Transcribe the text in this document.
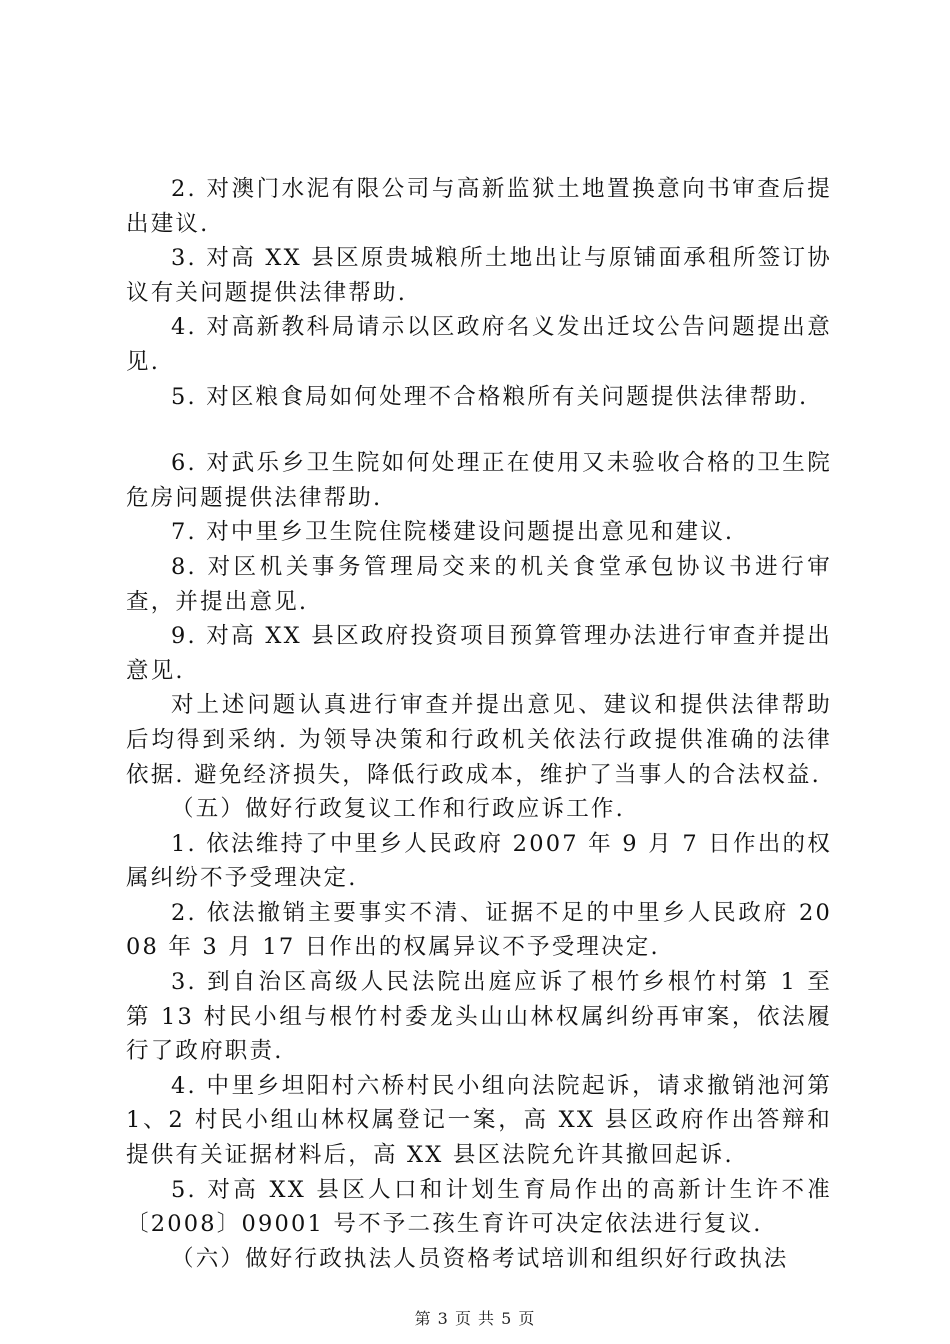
2. 对澳门水泥有限公司与高新监狱土地置换意向书审查后提出建议.

3. 对高 XX 县区原贵城粮所土地出让与原铺面承租所签订协议有关问题提供法律帮助.

4. 对高新教科局请示以区政府名义发出迁坟公告问题提出意见.

5. 对区粮食局如何处理不合格粮所有关问题提供法律帮助.

6. 对武乐乡卫生院如何处理正在使用又未验收合格的卫生院危房问题提供法律帮助.

7. 对中里乡卫生院住院楼建设问题提出意见和建议.

8. 对区机关事务管理局交来的机关食堂承包协议书进行审查，并提出意见.

9. 对高 XX 县区政府投资项目预算管理办法进行审查并提出意见.

对上述问题认真进行审查并提出意见、建议和提供法律帮助后均得到采纳. 为领导决策和行政机关依法行政提供准确的法律依据. 避免经济损失，降低行政成本，维护了当事人的合法权益.

（五）做好行政复议工作和行政应诉工作.

1. 依法维持了中里乡人民政府 2007 年 9 月 7 日作出的权属纠纷不予受理决定.

2. 依法撤销主要事实不清、证据不足的中里乡人民政府 2008 年 3 月 17 日作出的权属异议不予受理决定.

3. 到自治区高级人民法院出庭应诉了根竹乡根竹村第 1 至第 13 村民小组与根竹村委龙头山山林权属纠纷再审案，依法履行了政府职责.

4. 中里乡坦阳村六桥村民小组向法院起诉，请求撤销池河第 1、2 村民小组山林权属登记一案，高 XX 县区政府作出答辩和提供有关证据材料后，高 XX 县区法院允许其撤回起诉.

5. 对高 XX 县区人口和计划生育局作出的高新计生许不准〔2008〕09001 号不予二孩生育许可决定依法进行复议.

（六）做好行政执法人员资格考试培训和组织好行政执法

第 3 页 共 5 页
